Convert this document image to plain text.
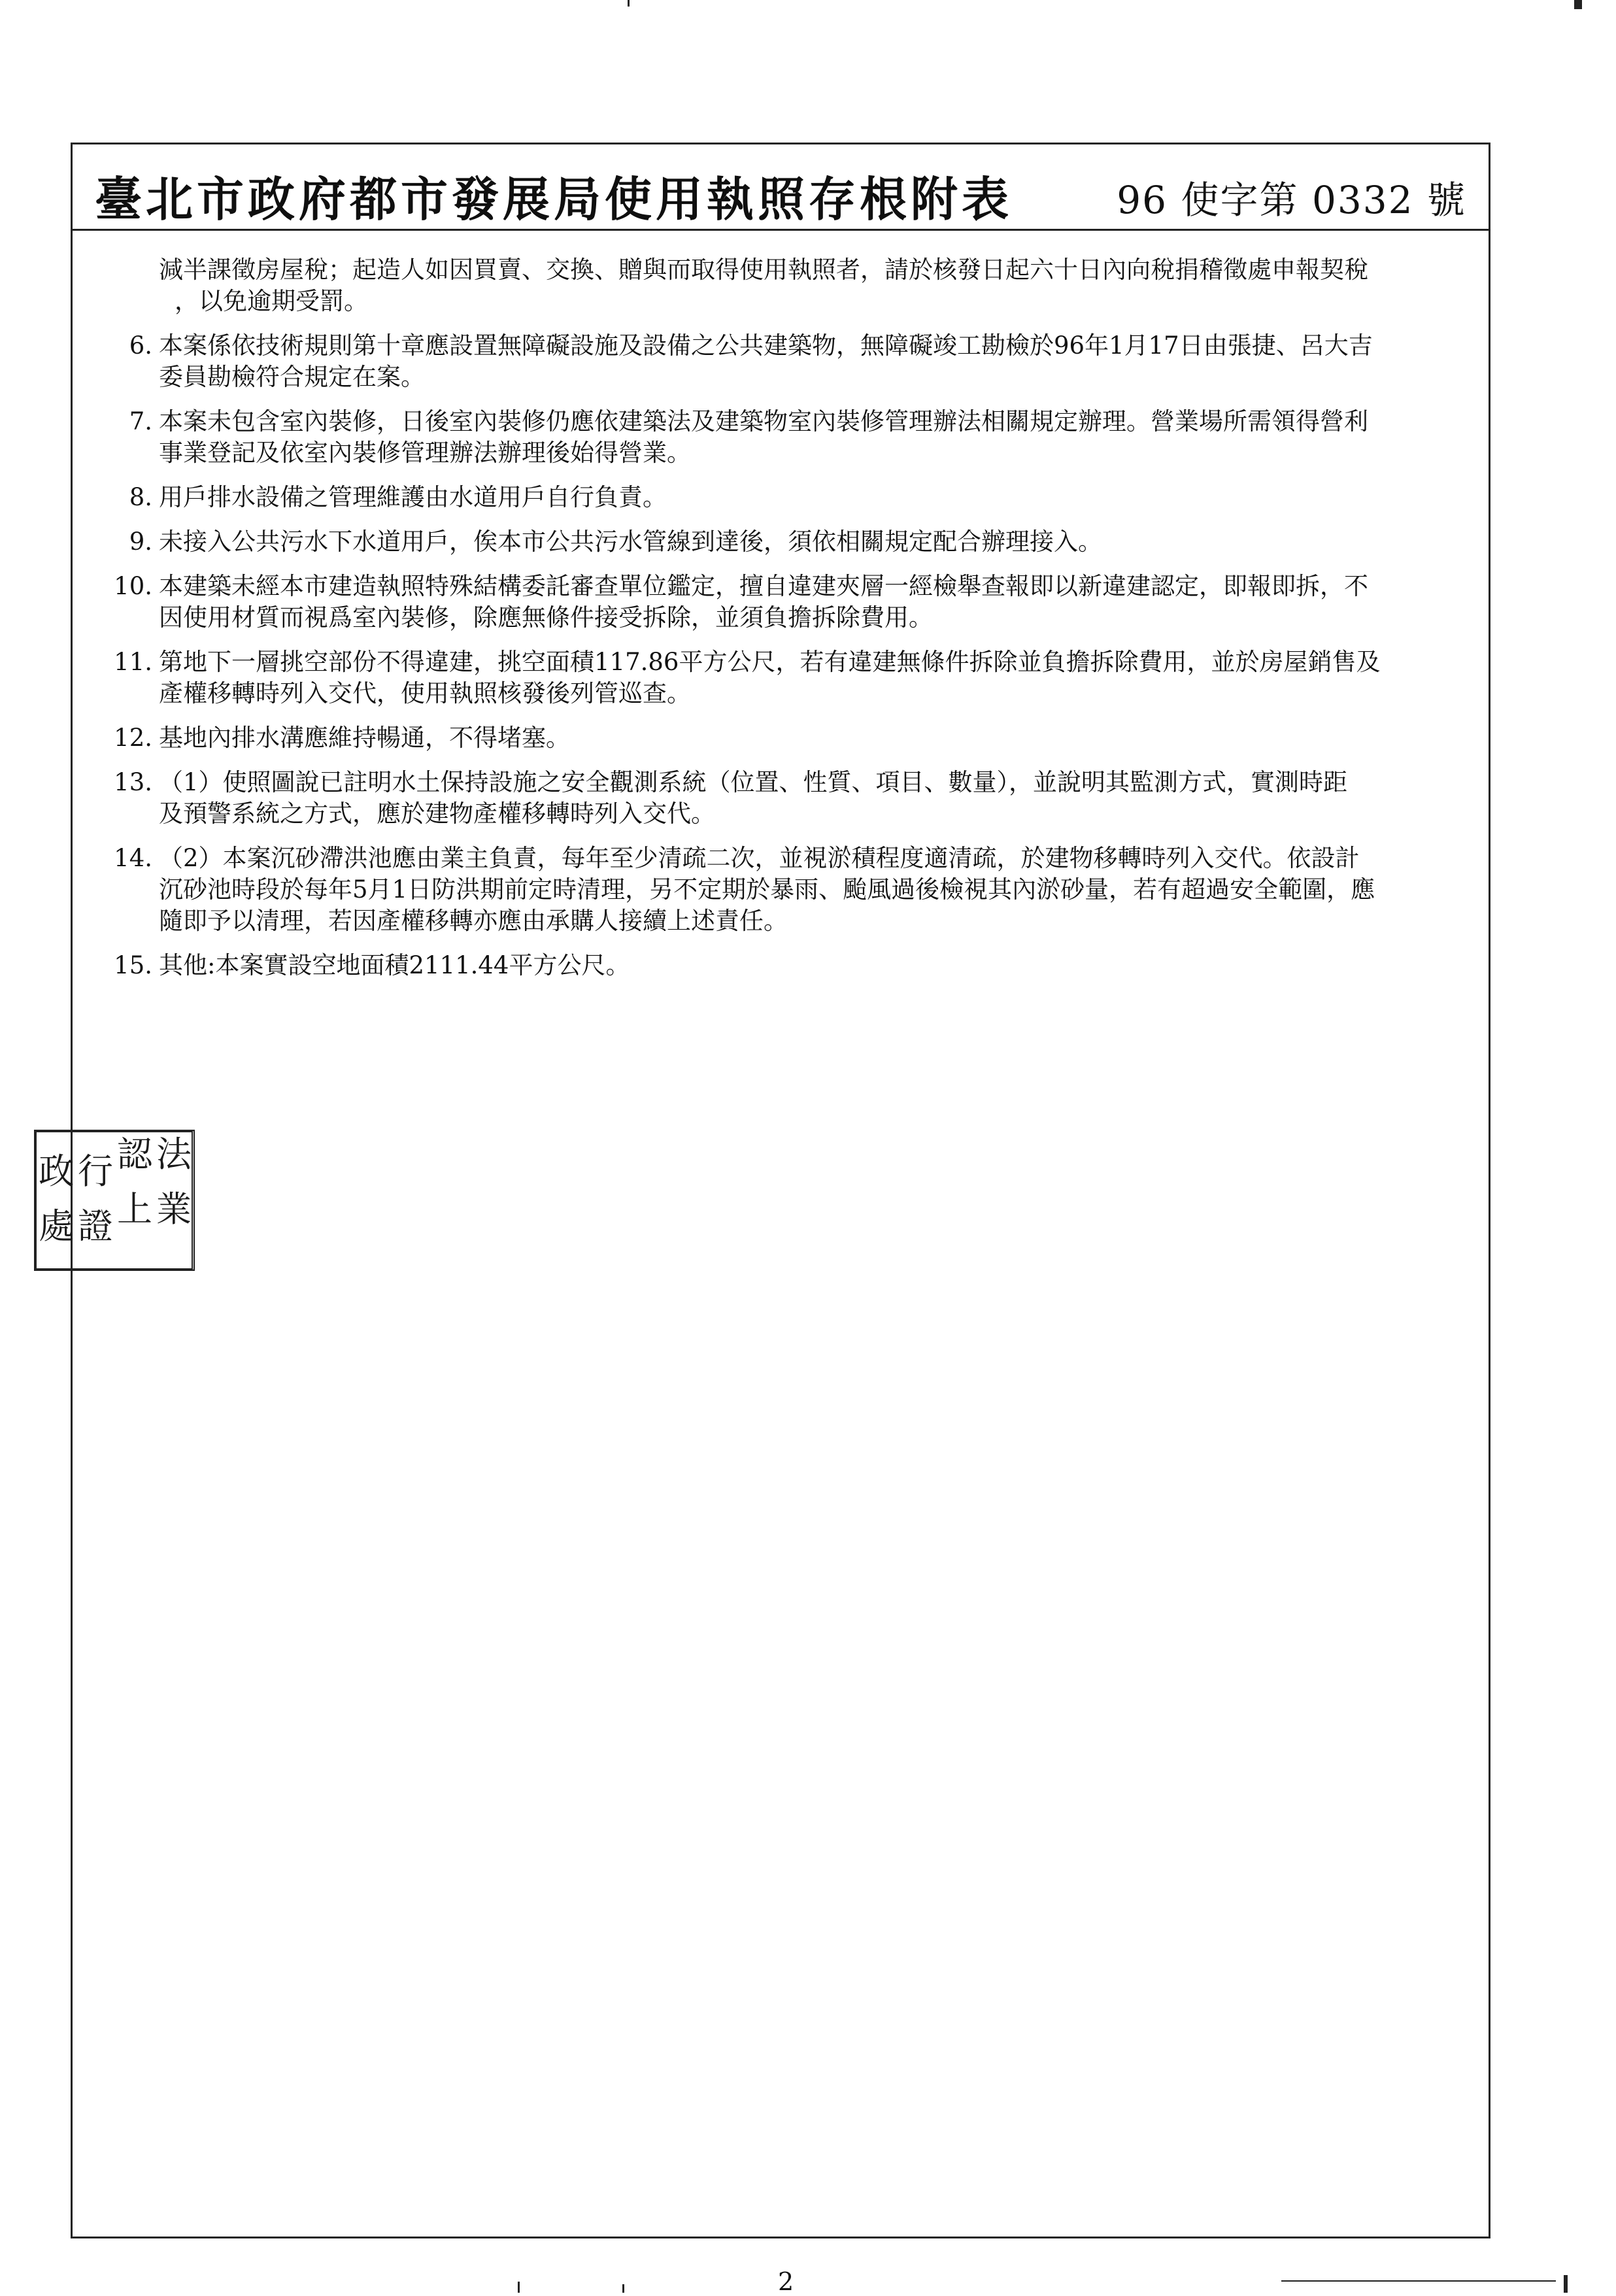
臺北市政府都市發展局使用執照存根附表	96 使字第 0332 號
減半課徵房屋稅；起造人如因買賣、交換、贈與而取得使用執照者，請於核發日起六十日內向稅捐稽徵處申報契稅
，以免逾期受罰。
6. 本案係依技術規則第十章應設置無障礙設施及設備之公共建築物，無障礙竣工勘檢於96年1月17日由張捷、呂大吉
委員勘檢符合規定在案。
7. 本案未包含室內裝修，日後室內裝修仍應依建築法及建築物室內裝修管理辦法相關規定辦理。營業場所需領得營利
事業登記及依室內裝修管理辦法辦理後始得營業。
8. 用戶排水設備之管理維護由水道用戶自行負責。
9. 未接入公共污水下水道用戶，俟本市公共污水管線到達後，須依相關規定配合辦理接入。
10. 本建築未經本市建造執照特殊結構委託審查單位鑑定，擅自違建夾層一經檢舉查報即以新違建認定，即報即拆，不
因使用材質而視爲室內裝修，除應無條件接受拆除，並須負擔拆除費用。
11. 第地下一層挑空部份不得違建，挑空面積117.86平方公尺，若有違建無條件拆除並負擔拆除費用，並於房屋銷售及
產權移轉時列入交代，使用執照核發後列管巡查。
12. 基地內排水溝應維持暢通，不得堵塞。
13. （1）使照圖說已註明水土保持設施之安全觀測系統（位置、性質、項目、數量），並說明其監測方式，實測時距
及預警系統之方式，應於建物產權移轉時列入交代。
14. （2）本案沉砂滯洪池應由業主負責，每年至少清疏二次，並視淤積程度適清疏，於建物移轉時列入交代。依設計
沉砂池時段於每年5月1日防洪期前定時清理，另不定期於暴雨、颱風過後檢視其內淤砂量，若有超過安全範圍，應
隨即予以清理，若因產權移轉亦應由承購人接續上述責任。
15. 其他:本案實設空地面積2111.44平方公尺。
政 行 認 法
處 證 上 業
2
